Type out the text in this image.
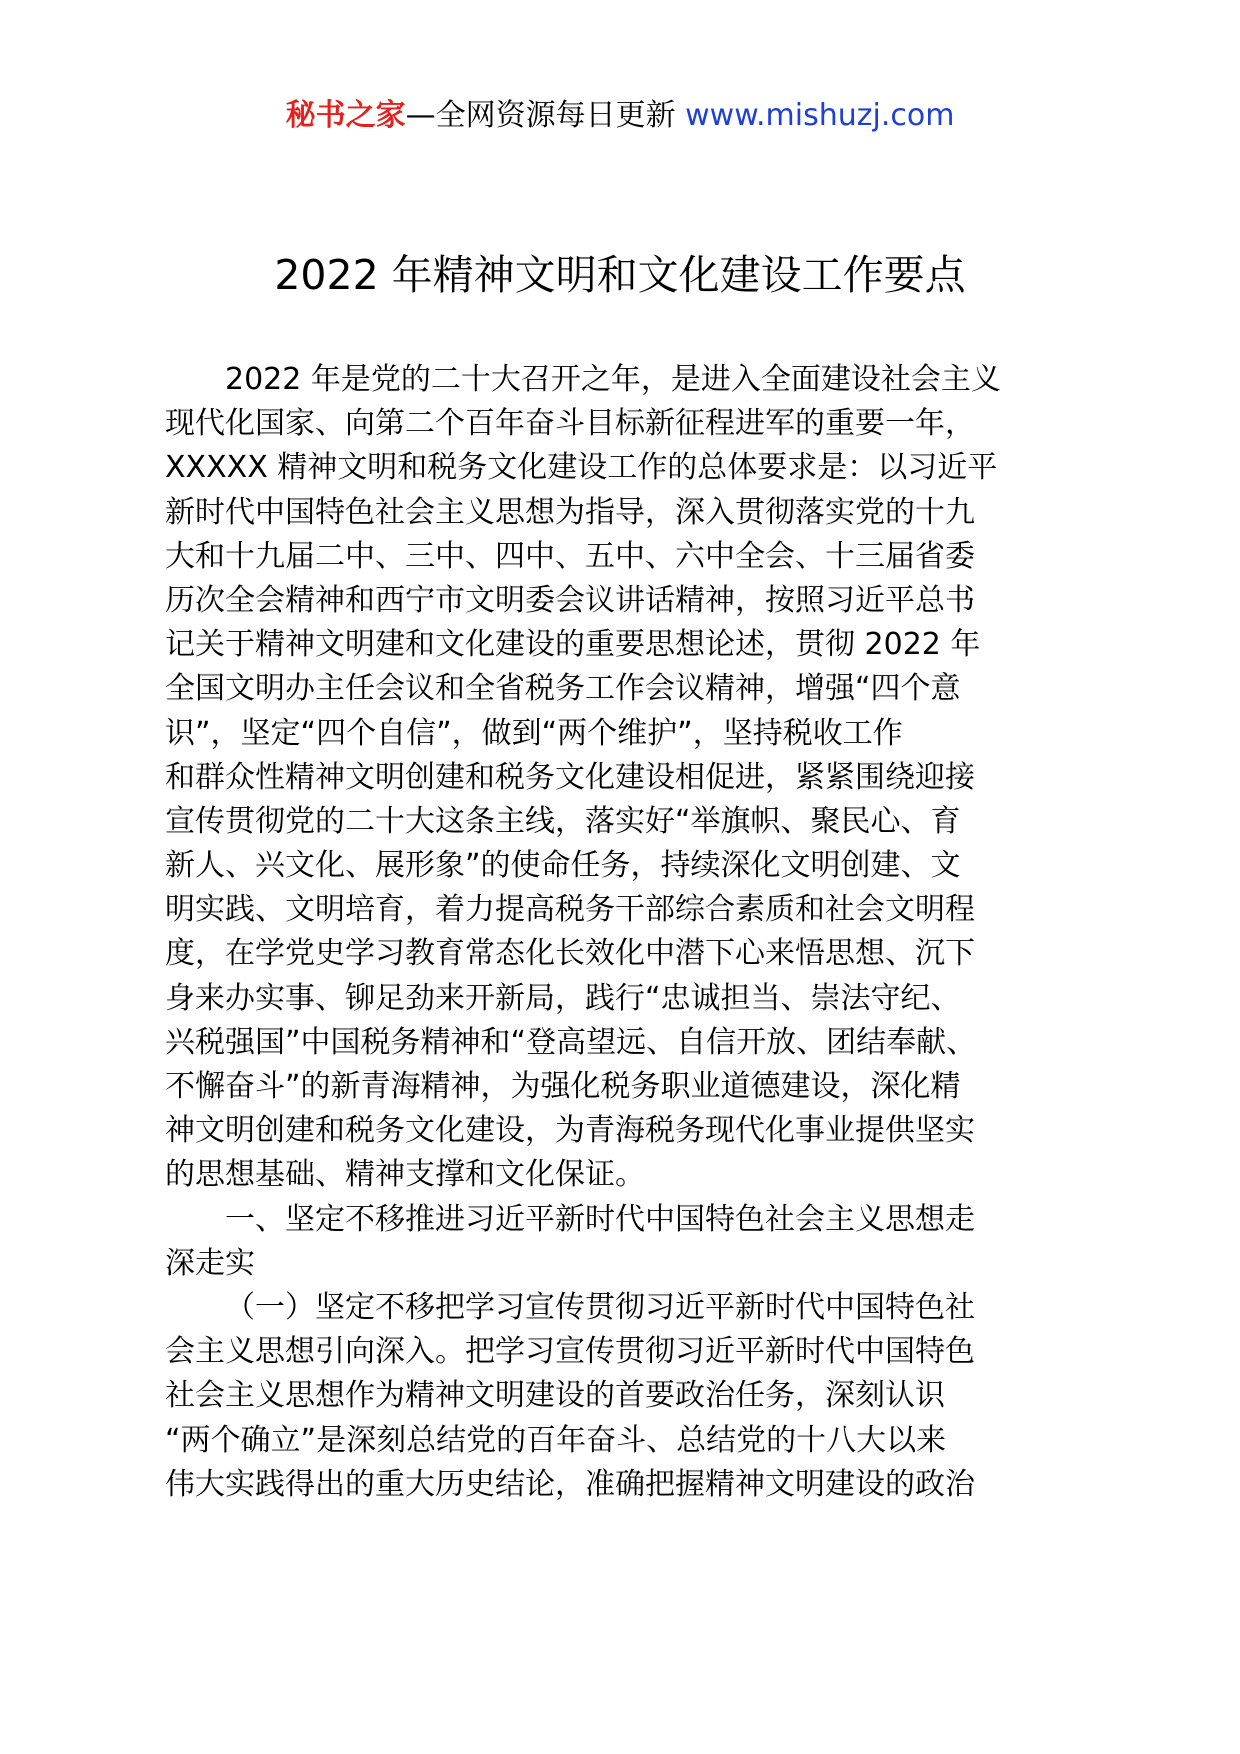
秘书之家—全网资源每日更新 www.mishuzj.com
2022 年精神文明和文化建设工作要点
2022 年是党的二十大召开之年，是进入全面建设社会主义
现代化国家、向第二个百年奋斗目标新征程进军的重要一年，
XXXXX 精神文明和税务文化建设工作的总体要求是：以习近平
新时代中国特色社会主义思想为指导，深入贯彻落实党的十九
大和十九届二中、三中、四中、五中、六中全会、十三届省委
历次全会精神和西宁市文明委会议讲话精神，按照习近平总书
记关于精神文明建和文化建设的重要思想论述，贯彻 2022 年
全国文明办主任会议和全省税务工作会议精神，增强“四个意
识”，坚定“四个自信”，做到“两个维护”，坚持税收工作
和群众性精神文明创建和税务文化建设相促进，紧紧围绕迎接
宣传贯彻党的二十大这条主线，落实好“举旗帜、聚民心、育
新人、兴文化、展形象”的使命任务，持续深化文明创建、文
明实践、文明培育，着力提高税务干部综合素质和社会文明程
度，在学党史学习教育常态化长效化中潜下心来悟思想、沉下
身来办实事、铆足劲来开新局，践行“忠诚担当、崇法守纪、
兴税强国”中国税务精神和“登高望远、自信开放、团结奉献、
不懈奋斗”的新青海精神，为强化税务职业道德建设，深化精
神文明创建和税务文化建设，为青海税务现代化事业提供坚实
的思想基础、精神支撑和文化保证。
一、坚定不移推进习近平新时代中国特色社会主义思想走
深走实
（一）坚定不移把学习宣传贯彻习近平新时代中国特色社
会主义思想引向深入。把学习宣传贯彻习近平新时代中国特色
社会主义思想作为精神文明建设的首要政治任务，深刻认识
“两个确立”是深刻总结党的百年奋斗、总结党的十八大以来
伟大实践得出的重大历史结论，准确把握精神文明建设的政治
